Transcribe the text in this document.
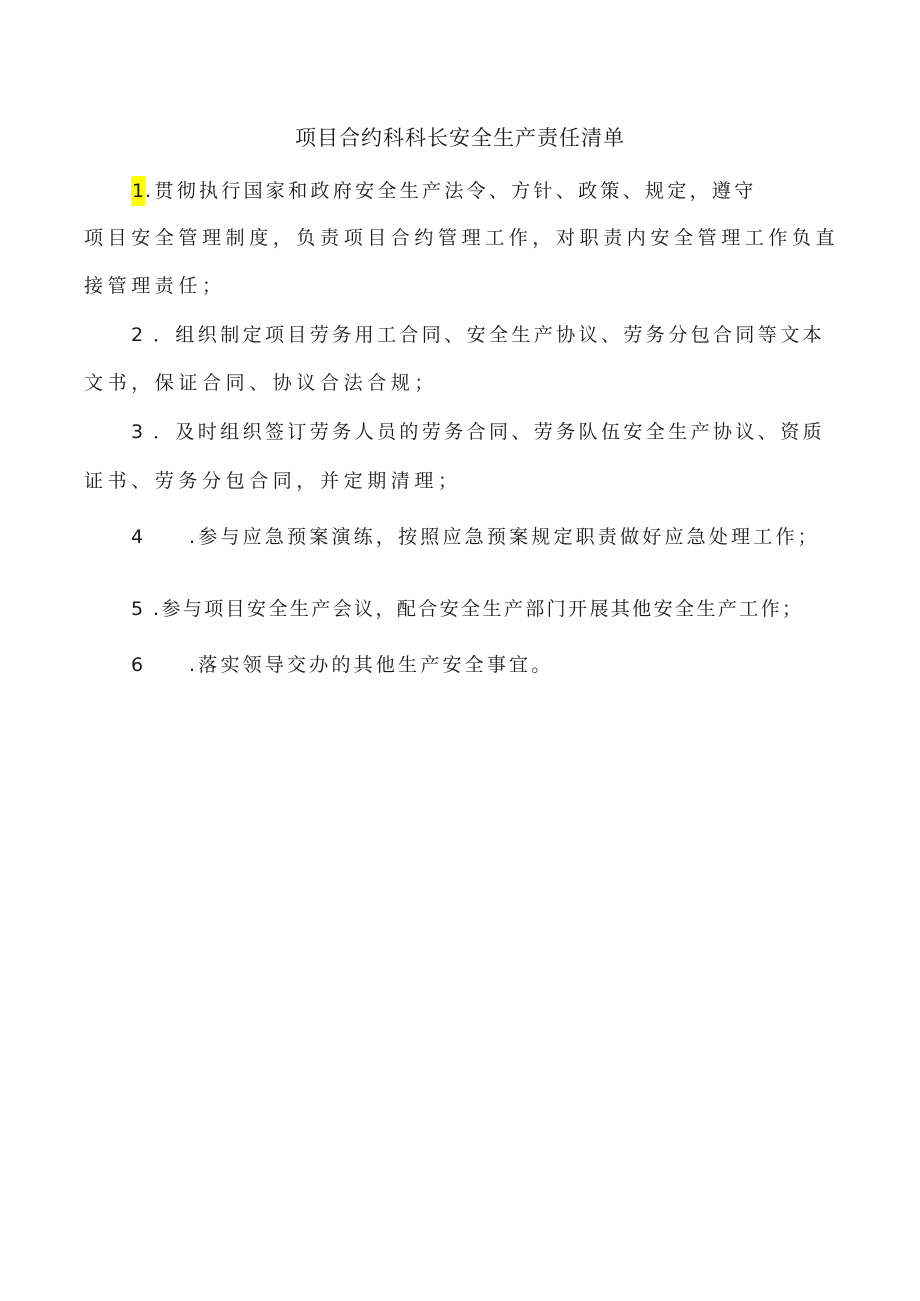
项目合约科科长安全生产责任清单
1.贯彻执行国家和政府安全生产法令、方针、政策、规定，遵守
项目安全管理制度，负责项目合约管理工作，对职责内安全管理工作负直
接管理责任；
2 ．组织制定项目劳务用工合同、安全生产协议、劳务分包合同等文本
文书，保证合同、协议合法合规；
3 ．及时组织签订劳务人员的劳务合同、劳务队伍安全生产协议、资质
证书、劳务分包合同，并定期清理；
4 .参与应急预案演练，按照应急预案规定职责做好应急处理工作；
5 .参与项目安全生产会议，配合安全生产部门开展其他安全生产工作；
6 .落实领导交办的其他生产安全事宜。
